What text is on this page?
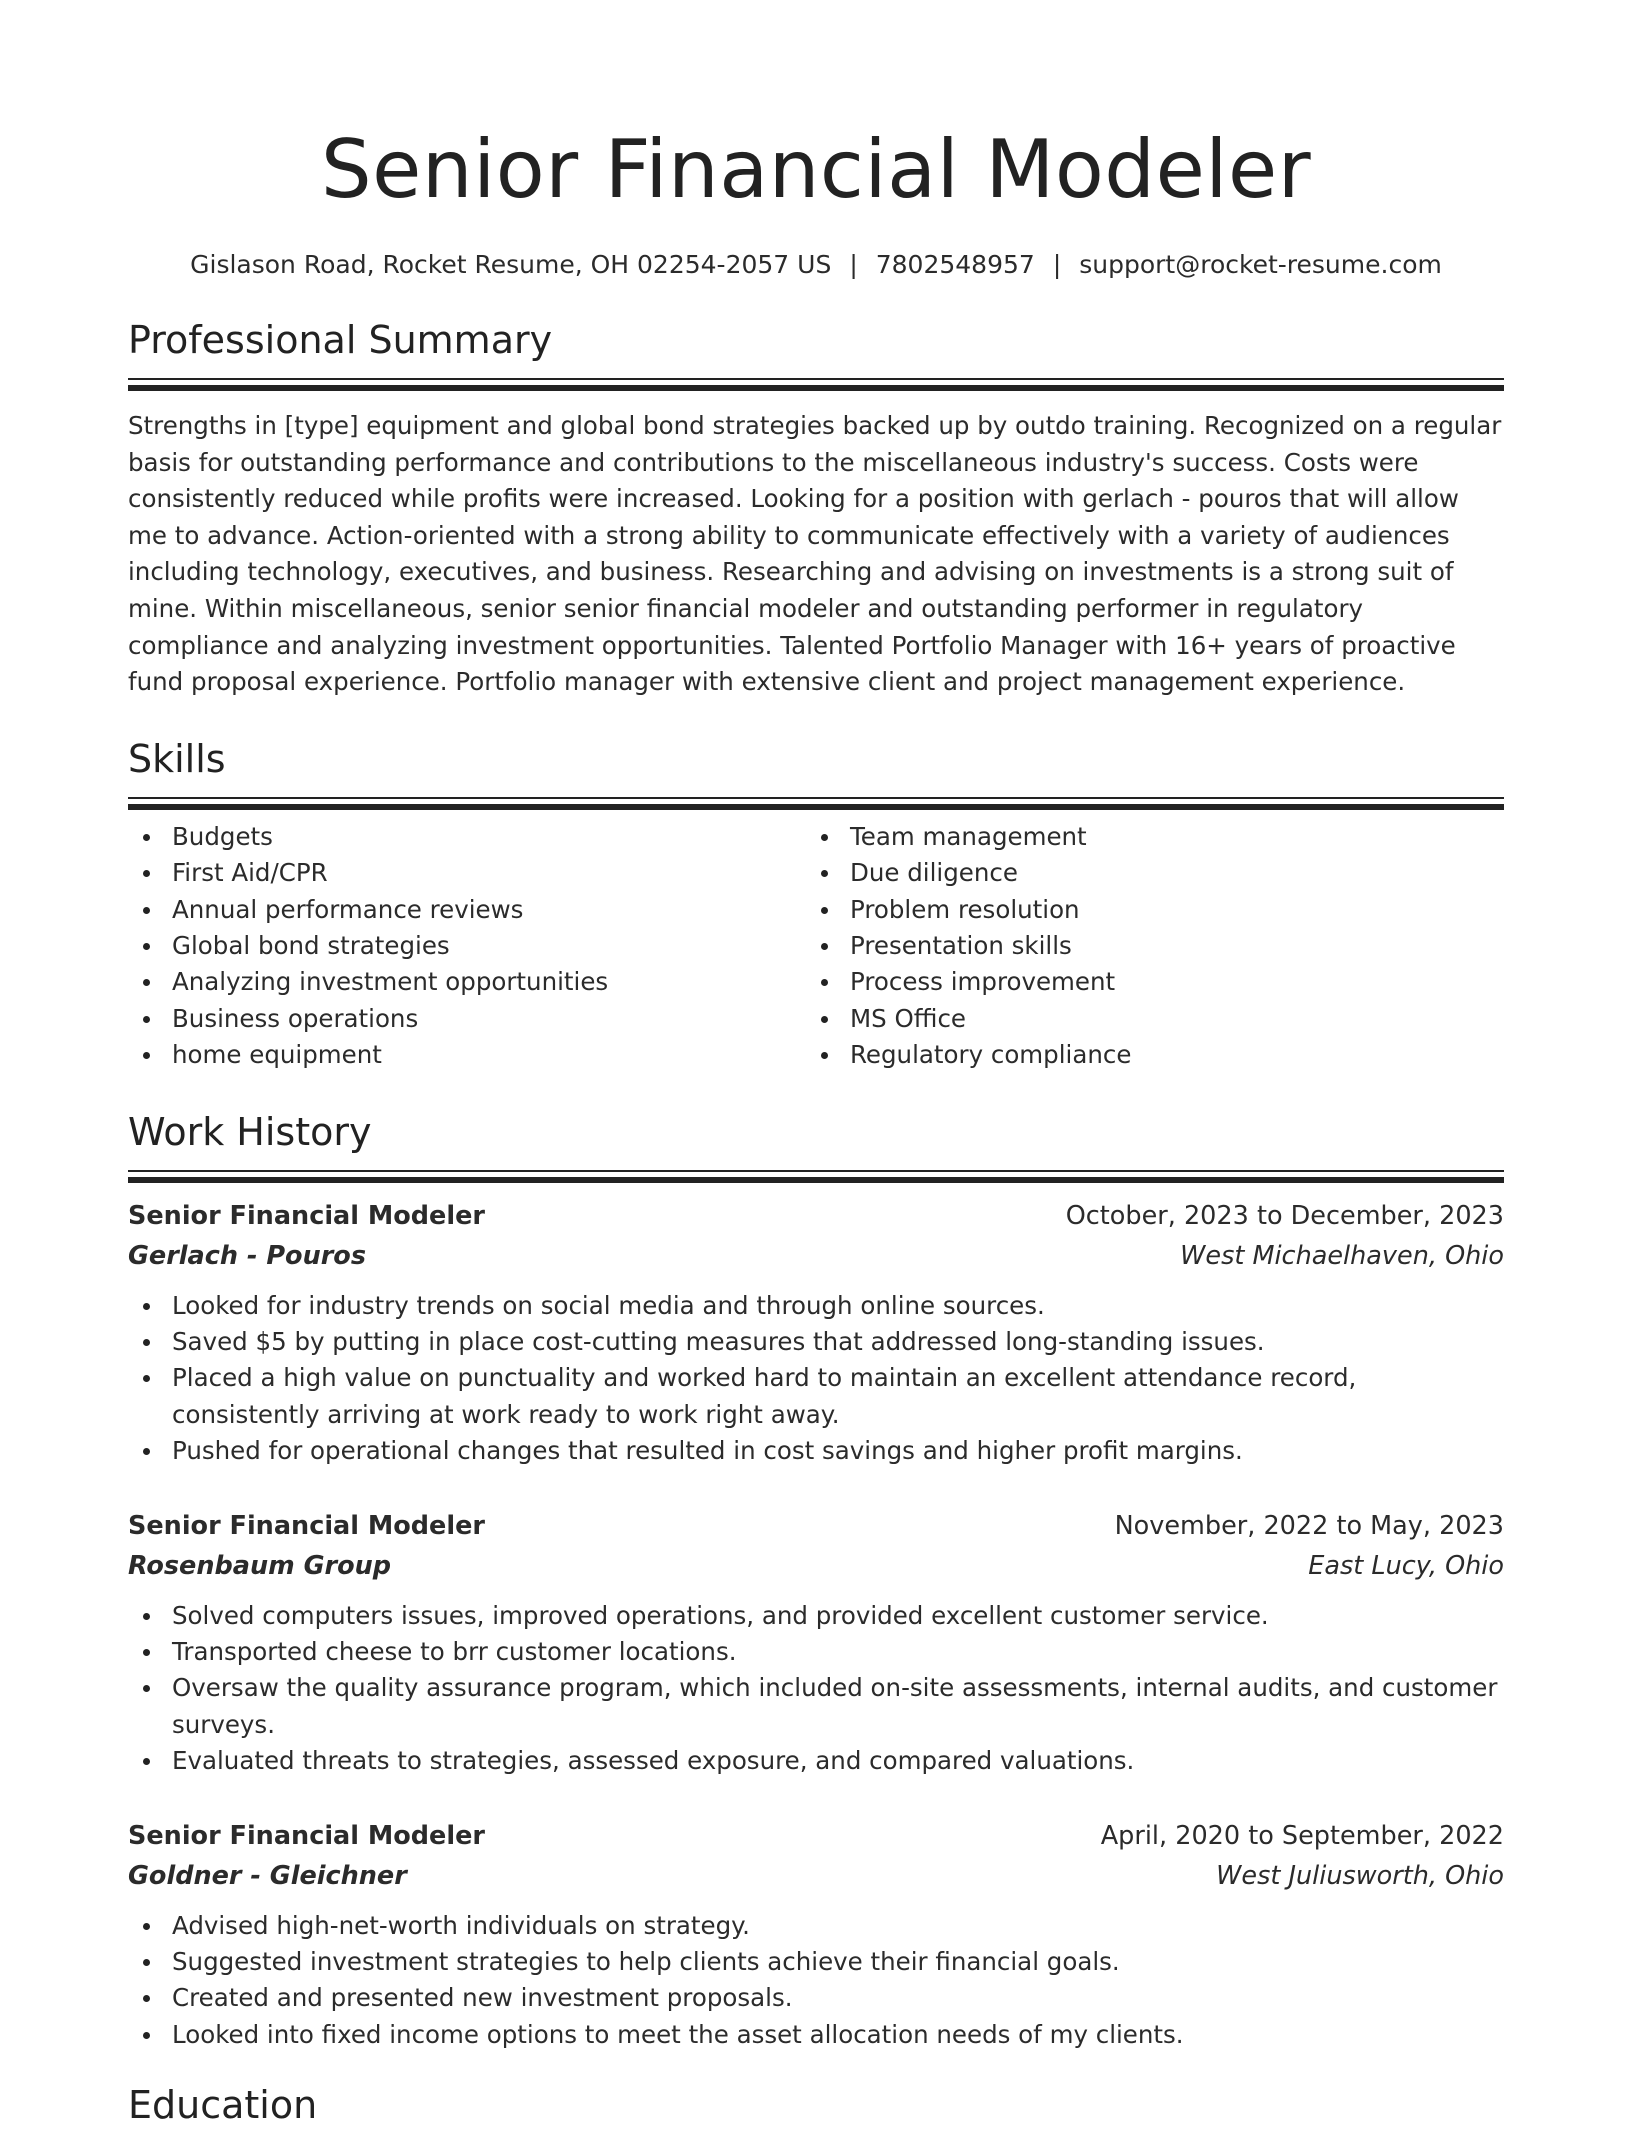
Senior Financial Modeler
Gislason Road, Rocket Resume, OH 02254-2057 US | 7802548957 | support@rocket-resume.com
Professional Summary
Strengths in [type] equipment and global bond strategies backed up by outdo training. Recognized on a regular basis for outstanding performance and contributions to the miscellaneous industry's success. Costs were consistently reduced while profits were increased. Looking for a position with gerlach - pouros that will allow me to advance. Action-oriented with a strong ability to communicate effectively with a variety of audiences including technology, executives, and business. Researching and advising on investments is a strong suit of mine. Within miscellaneous, senior senior financial modeler and outstanding performer in regulatory compliance and analyzing investment opportunities. Talented Portfolio Manager with 16+ years of proactive fund proposal experience. Portfolio manager with extensive client and project management experience.
Skills
Budgets
First Aid/CPR
Annual performance reviews
Global bond strategies
Analyzing investment opportunities
Business operations
home equipment
Team management
Due diligence
Problem resolution
Presentation skills
Process improvement
MS Office
Regulatory compliance
Work History
Senior Financial Modeler	October, 2023 to December, 2023
Gerlach - Pouros	West Michaelhaven, Ohio
Looked for industry trends on social media and through online sources.
Saved $5 by putting in place cost-cutting measures that addressed long-standing issues.
Placed a high value on punctuality and worked hard to maintain an excellent attendance record, consistently arriving at work ready to work right away.
Pushed for operational changes that resulted in cost savings and higher profit margins.
Senior Financial Modeler	November, 2022 to May, 2023
Rosenbaum Group	East Lucy, Ohio
Solved computers issues, improved operations, and provided excellent customer service.
Transported cheese to brr customer locations.
Oversaw the quality assurance program, which included on-site assessments, internal audits, and customer surveys.
Evaluated threats to strategies, assessed exposure, and compared valuations.
Senior Financial Modeler	April, 2020 to September, 2022
Goldner - Gleichner	West Juliusworth, Ohio
Advised high-net-worth individuals on strategy.
Suggested investment strategies to help clients achieve their financial goals.
Created and presented new investment proposals.
Looked into fixed income options to meet the asset allocation needs of my clients.
Education
